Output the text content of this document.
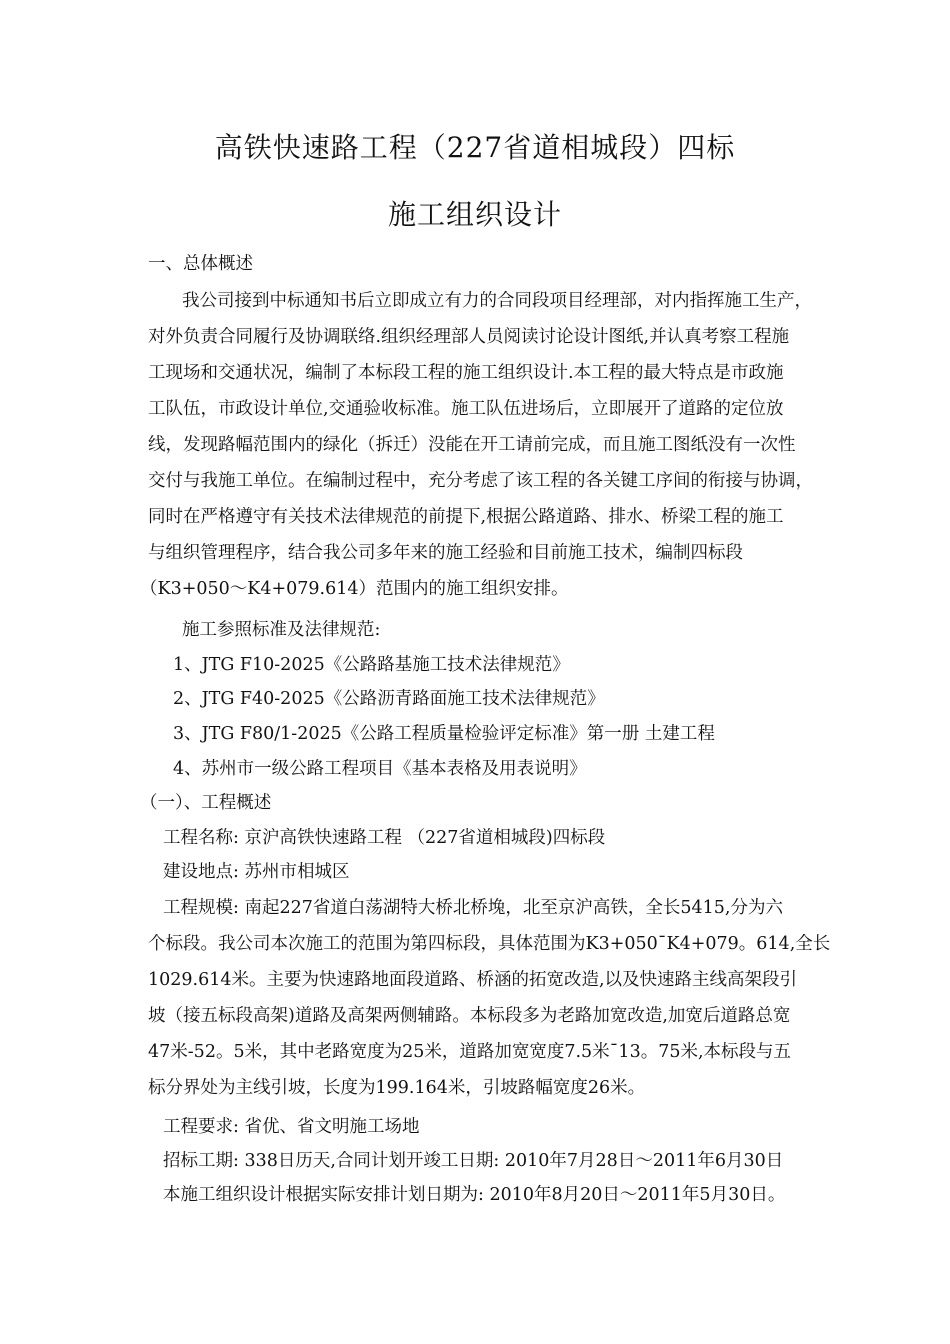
高铁快速路工程（227省道相城段）四标
施工组织设计
一、总体概述
我公司接到中标通知书后立即成立有力的合同段项目经理部，对内指挥施工生产，
对外负责合同履行及协调联络.组织经理部人员阅读讨论设计图纸,并认真考察工程施
工现场和交通状况，编制了本标段工程的施工组织设计.本工程的最大特点是市政施
工队伍，市政设计单位,交通验收标准。施工队伍进场后，立即展开了道路的定位放
线，发现路幅范围内的绿化（拆迁）没能在开工请前完成，而且施工图纸没有一次性
交付与我施工单位。在编制过程中，充分考虑了该工程的各关键工序间的衔接与协调，
同时在严格遵守有关技术法律规范的前提下,根据公路道路、排水、桥梁工程的施工
与组织管理程序，结合我公司多年来的施工经验和目前施工技术，编制四标段
（K3+050～K4+079.614）范围内的施工组织安排。
施工参照标准及法律规范:
1、JTG F10-2025《公路路基施工技术法律规范》
2、JTG F40-2025《公路沥青路面施工技术法律规范》
3、JTG F80/1-2025《公路工程质量检验评定标准》第一册 土建工程
4、苏州市一级公路工程项目《基本表格及用表说明》
（一）、工程概述
工程名称: 京沪高铁快速路工程 （227省道相城段)四标段
建设地点: 苏州市相城区
工程规模: 南起227省道白荡湖特大桥北桥堍，北至京沪高铁，全长5415,分为六
个标段。我公司本次施工的范围为第四标段，具体范围为K3+050¯K4+079。614,全长
1029.614米。主要为快速路地面段道路、桥涵的拓宽改造,以及快速路主线高架段引
坡（接五标段高架)道路及高架两侧辅路。本标段多为老路加宽改造,加宽后道路总宽
47米-52。5米，其中老路宽度为25米，道路加宽宽度7.5米¯13。75米,本标段与五
标分界处为主线引坡，长度为199.164米，引坡路幅宽度26米。
工程要求: 省优、省文明施工场地
招标工期: 338日历天,合同计划开竣工日期: 2010年7月28日～2011年6月30日
本施工组织设计根据实际安排计划日期为: 2010年8月20日～2011年5月30日。
